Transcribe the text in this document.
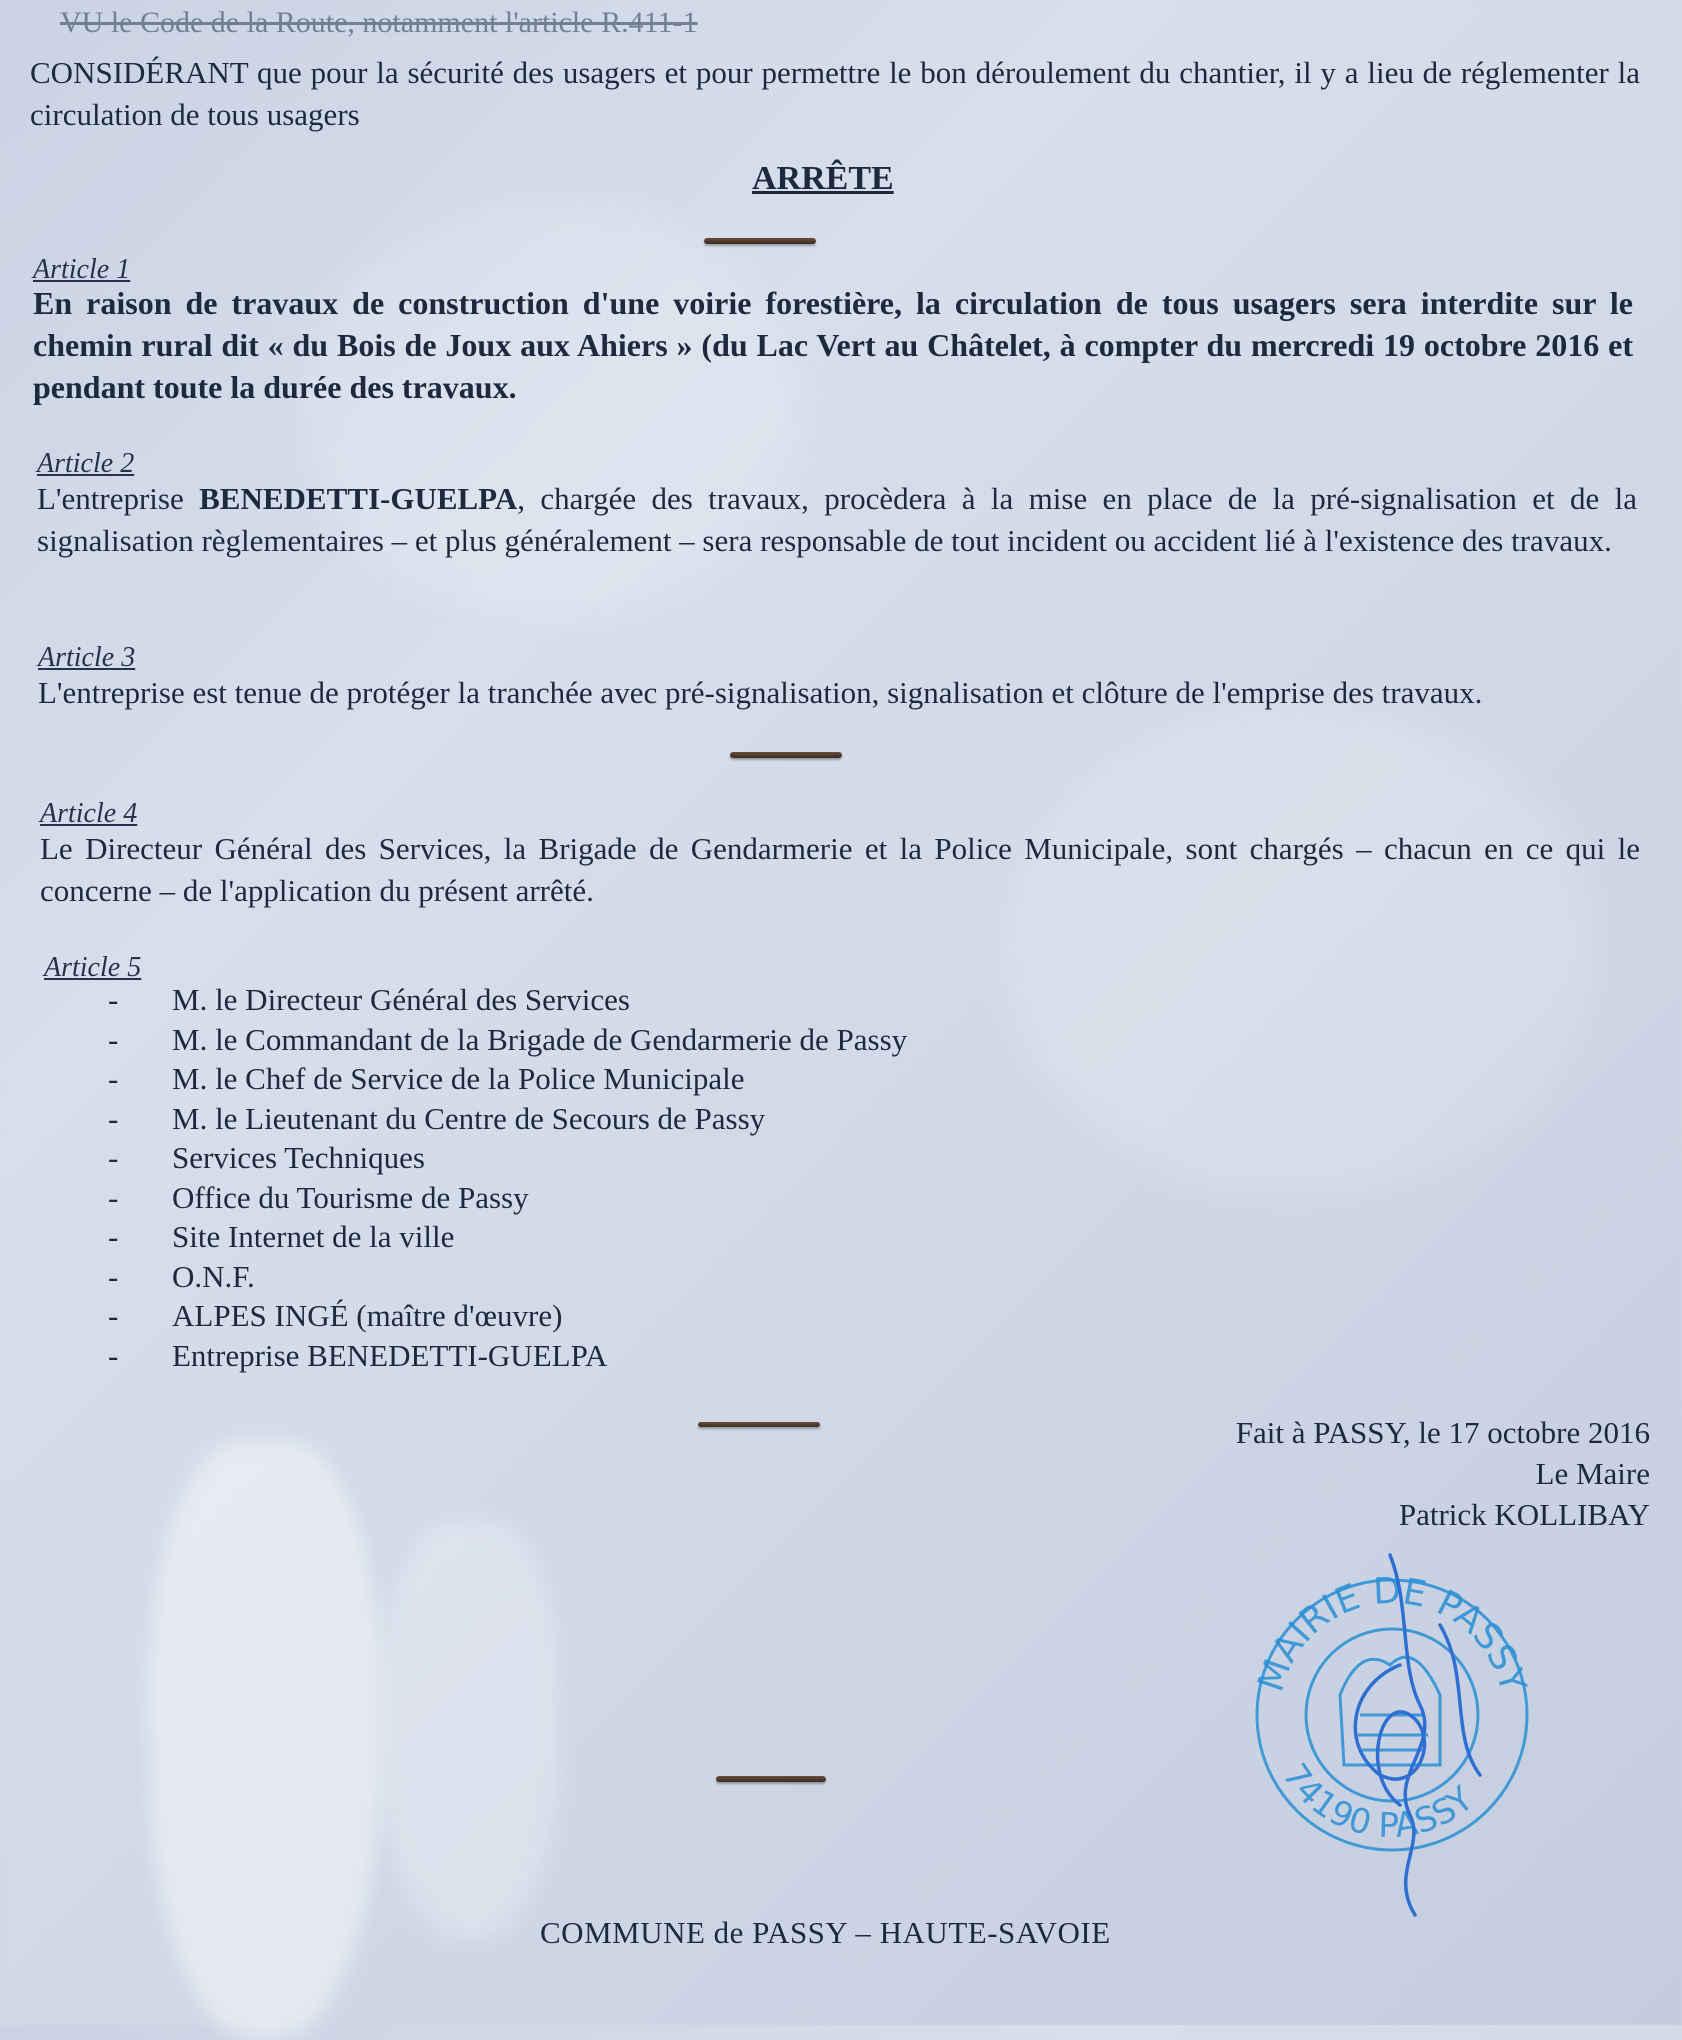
VU le Code de la Route, notamment l'article R.411-1
CONSIDÉRANT que pour la sécurité des usagers et pour permettre le bon déroulement du chantier, il y a lieu de réglementer la circulation de tous usagers
ARRÊTE
Article 1
En raison de travaux de construction d'une voirie forestière, la circulation de tous usagers sera interdite sur le chemin rural dit « du Bois de Joux aux Ahiers » (du Lac Vert au Châtelet, à compter du mercredi 19 octobre 2016 et pendant toute la durée des travaux.
Article 2
L'entreprise BENEDETTI-GUELPA, chargée des travaux, procèdera à la mise en place de la pré-signalisation et de la signalisation règlementaires – et plus généralement – sera responsable de tout incident ou accident lié à l'existence des travaux.
Article 3
L'entreprise est tenue de protéger la tranchée avec pré-signalisation, signalisation et clôture de l'emprise des travaux.
Article 4
Le Directeur Général des Services, la Brigade de Gendarmerie et la Police Municipale, sont chargés – chacun en ce qui le concerne – de l'application du présent arrêté.
Article 5
- M. le Directeur Général des Services
- M. le Commandant de la Brigade de Gendarmerie de Passy
- M. le Chef de Service de la Police Municipale
- M. le Lieutenant du Centre de Secours de Passy
- Services Techniques
- Office du Tourisme de Passy
- Site Internet de la ville
- O.N.F.
- ALPES INGÉ (maître d'œuvre)
- Entreprise BENEDETTI-GUELPA
Fait à PASSY, le 17 octobre 2016
Le Maire
Patrick KOLLIBAY
MAIRIE DE PASSY
74190 PASSY
COMMUNE de PASSY – HAUTE-SAVOIE
